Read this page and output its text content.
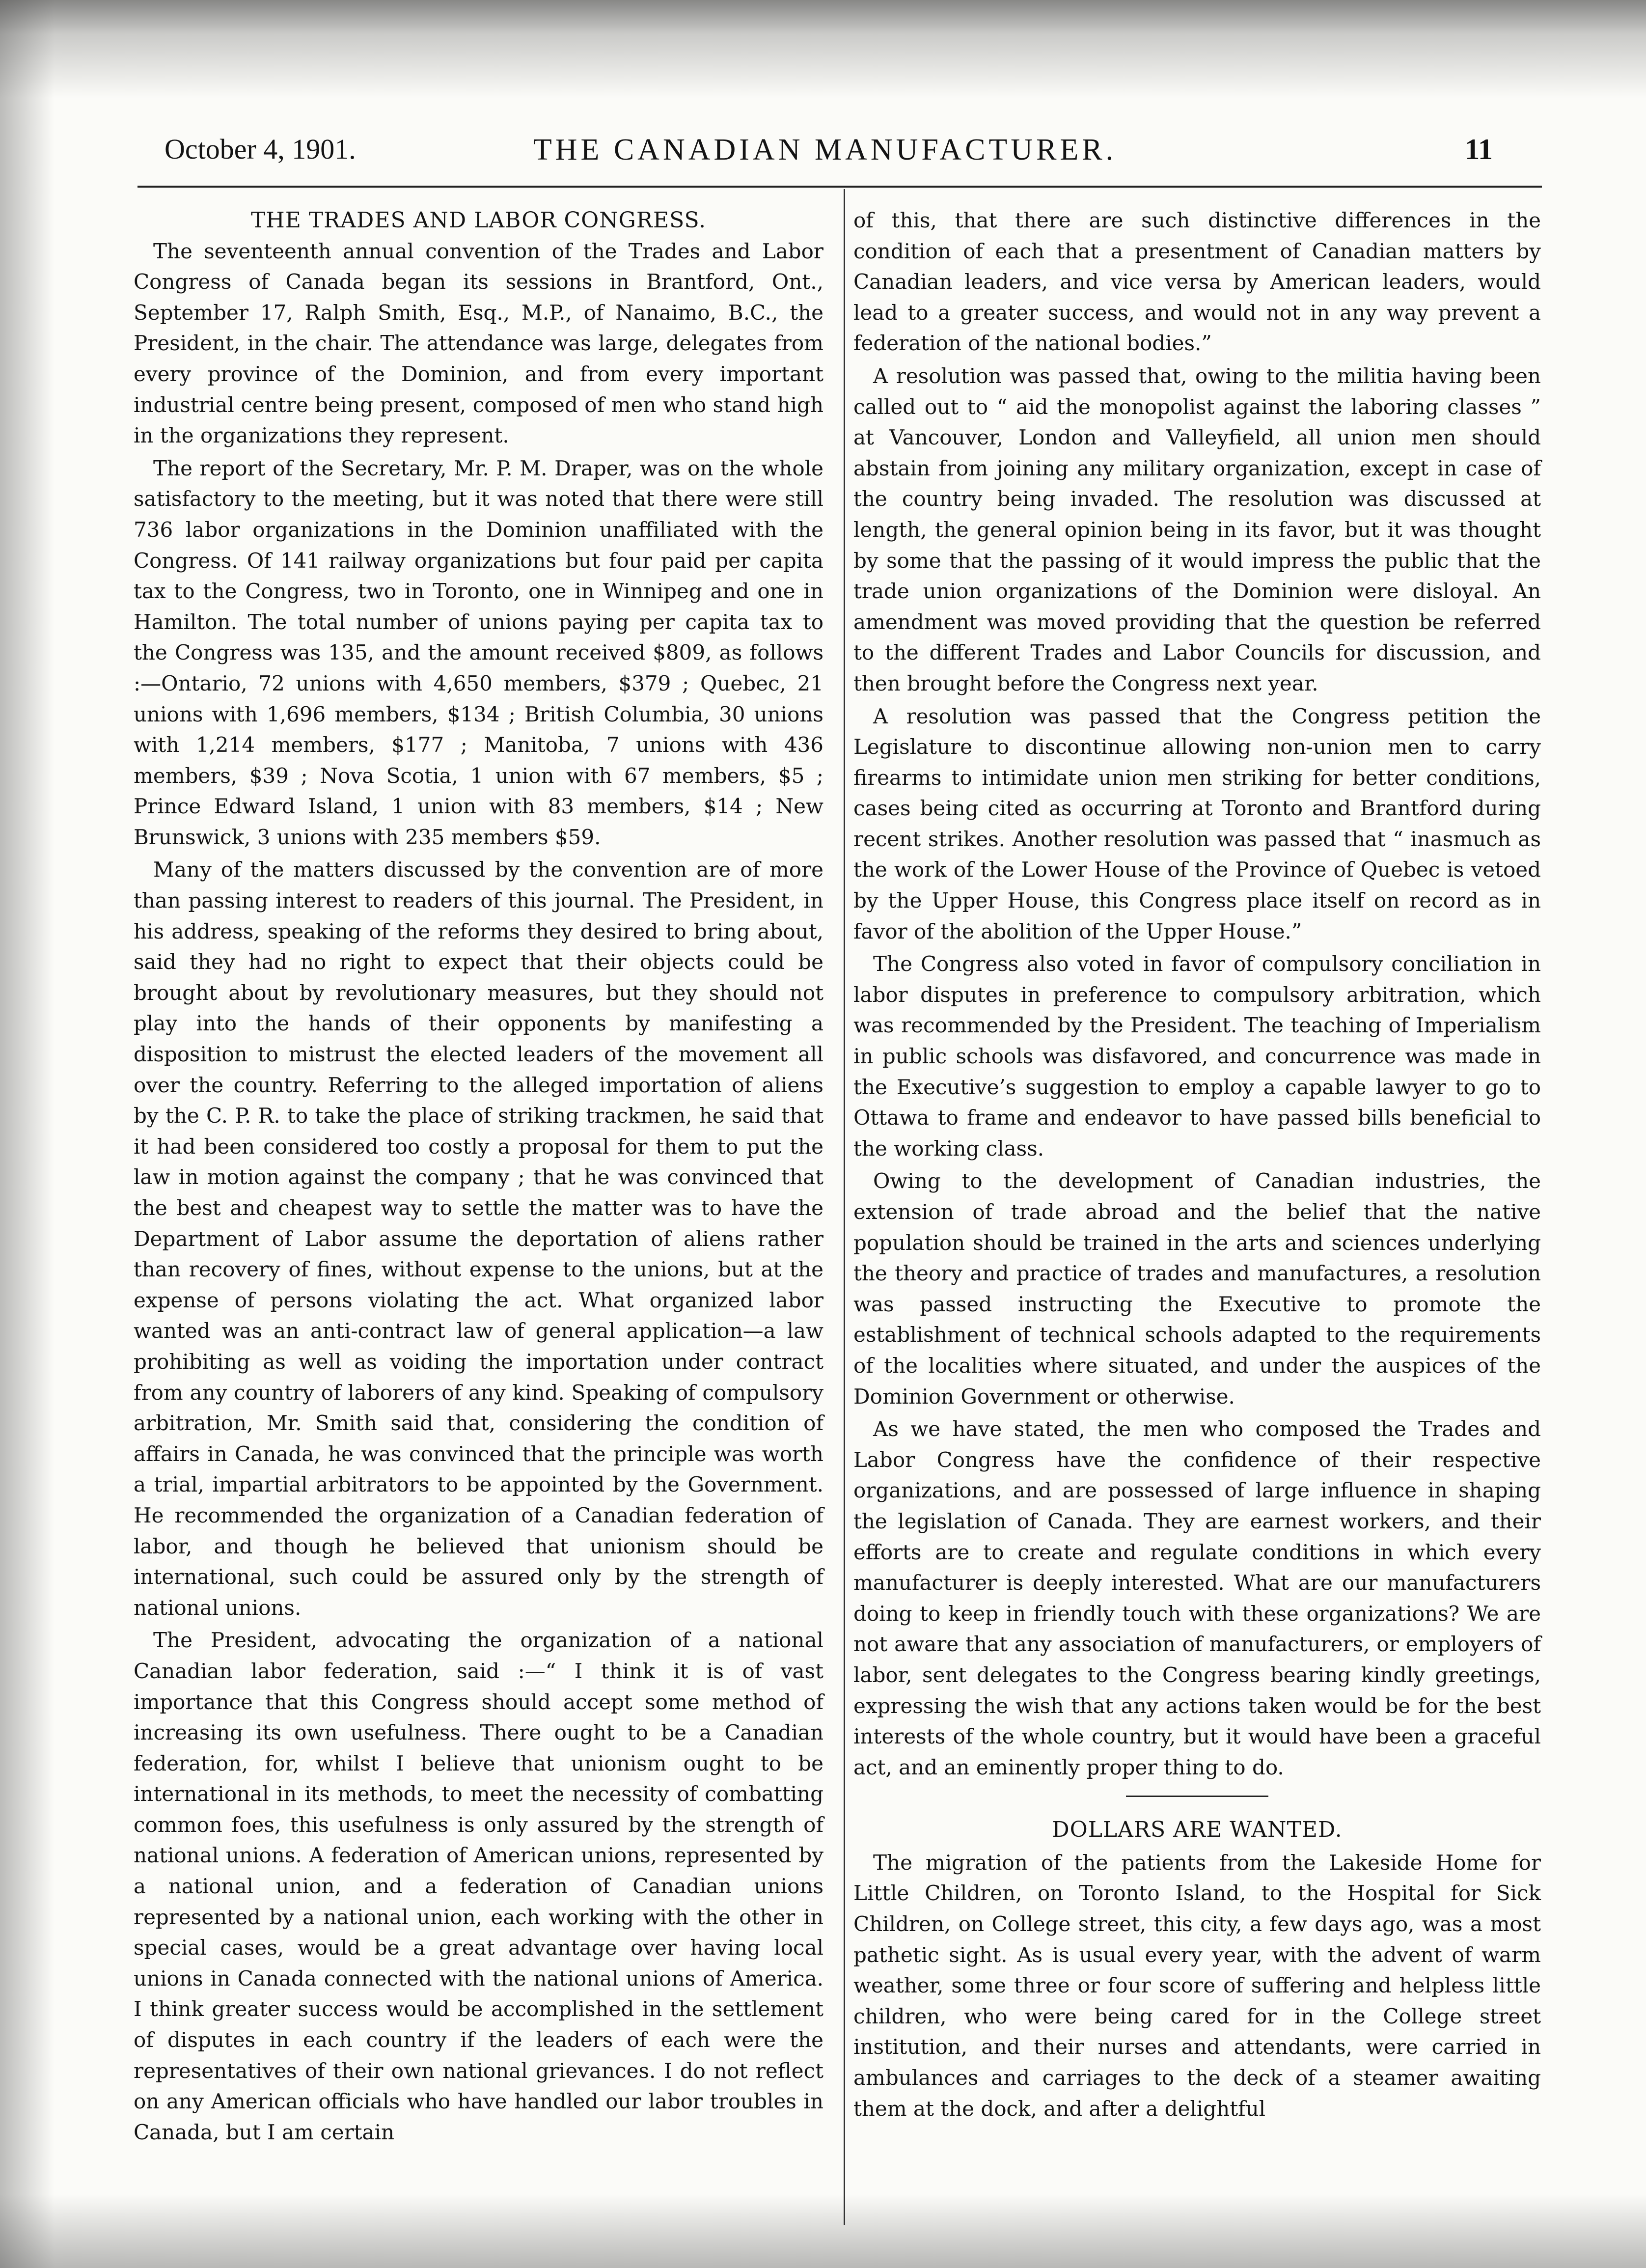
October 4, 1901.	THE CANADIAN MANUFACTURER.	11
THE TRADES AND LABOR CONGRESS.

The seventeenth annual convention of the Trades and Labor Congress of Canada began its sessions in Brantford, Ont., September 17, Ralph Smith, Esq., M.P., of Nanaimo, B.C., the President, in the chair. The attendance was large, delegates from every province of the Dominion, and from every important industrial centre being present, composed of men who stand high in the organizations they represent.

The report of the Secretary, Mr. P. M. Draper, was on the whole satisfactory to the meeting, but it was noted that there were still 736 labor organizations in the Dominion unaffiliated with the Congress. Of 141 railway organizations but four paid per capita tax to the Congress, two in Toronto, one in Winnipeg and one in Hamilton. The total number of unions paying per capita tax to the Congress was 135, and the amount received $809, as follows :—Ontario, 72 unions with 4,650 members, $379 ; Quebec, 21 unions with 1,696 members, $134 ; British Columbia, 30 unions with 1,214 members, $177 ; Manitoba, 7 unions with 436 members, $39 ; Nova Scotia, 1 union with 67 members, $5 ; Prince Edward Island, 1 union with 83 members, $14 ; New Brunswick, 3 unions with 235 members $59.

Many of the matters discussed by the convention are of more than passing interest to readers of this journal. The President, in his address, speaking of the reforms they desired to bring about, said they had no right to expect that their objects could be brought about by revolutionary measures, but they should not play into the hands of their opponents by manifesting a disposition to mistrust the elected leaders of the movement all over the country. Referring to the alleged importation of aliens by the C. P. R. to take the place of striking trackmen, he said that it had been considered too costly a proposal for them to put the law in motion against the company ; that he was convinced that the best and cheapest way to settle the matter was to have the Department of Labor assume the deportation of aliens rather than recovery of fines, without expense to the unions, but at the expense of persons violating the act. What organized labor wanted was an anti-contract law of general application—a law prohibiting as well as voiding the importation under contract from any country of laborers of any kind. Speaking of compulsory arbitration, Mr. Smith said that, considering the condition of affairs in Canada, he was convinced that the principle was worth a trial, impartial arbitrators to be appointed by the Government. He recommended the organization of a Canadian federation of labor, and though he believed that unionism should be international, such could be assured only by the strength of national unions.

The President, advocating the organization of a national Canadian labor federation, said :—“ I think it is of vast importance that this Congress should accept some method of increasing its own usefulness. There ought to be a Canadian federation, for, whilst I believe that unionism ought to be international in its methods, to meet the necessity of combatting common foes, this usefulness is only assured by the strength of national unions. A federation of American unions, represented by a national union, and a federation of Canadian unions represented by a national union, each working with the other in special cases, would be a great advantage over having local unions in Canada connected with the national unions of America. I think greater success would be accomplished in the settlement of disputes in each country if the leaders of each were the representatives of their own national grievances. I do not reflect on any American officials who have handled our labor troubles in Canada, but I am certain

of this, that there are such distinctive differences in the condition of each that a presentment of Canadian matters by Canadian leaders, and vice versa by American leaders, would lead to a greater success, and would not in any way prevent a federation of the national bodies.”

A resolution was passed that, owing to the militia having been called out to “ aid the monopolist against the laboring classes ” at Vancouver, London and Valleyfield, all union men should abstain from joining any military organization, except in case of the country being invaded. The resolution was discussed at length, the general opinion being in its favor, but it was thought by some that the passing of it would impress the public that the trade union organizations of the Dominion were disloyal. An amendment was moved providing that the question be referred to the different Trades and Labor Councils for discussion, and then brought before the Congress next year.

A resolution was passed that the Congress petition the Legislature to discontinue allowing non-union men to carry firearms to intimidate union men striking for better conditions, cases being cited as occurring at Toronto and Brantford during recent strikes. Another resolution was passed that “ inasmuch as the work of the Lower House of the Province of Quebec is vetoed by the Upper House, this Congress place itself on record as in favor of the abolition of the Upper House.”

The Congress also voted in favor of compulsory conciliation in labor disputes in preference to compulsory arbitration, which was recommended by the President. The teaching of Imperialism in public schools was disfavored, and concurrence was made in the Executive’s suggestion to employ a capable lawyer to go to Ottawa to frame and endeavor to have passed bills beneficial to the working class.

Owing to the development of Canadian industries, the extension of trade abroad and the belief that the native population should be trained in the arts and sciences underlying the theory and practice of trades and manufactures, a resolution was passed instructing the Executive to promote the establishment of technical schools adapted to the requirements of the localities where situated, and under the auspices of the Dominion Government or otherwise.

As we have stated, the men who composed the Trades and Labor Congress have the confidence of their respective organizations, and are possessed of large influence in shaping the legislation of Canada. They are earnest workers, and their efforts are to create and regulate conditions in which every manufacturer is deeply interested. What are our manufacturers doing to keep in friendly touch with these organizations? We are not aware that any association of manufacturers, or employers of labor, sent delegates to the Congress bearing kindly greetings, expressing the wish that any actions taken would be for the best interests of the whole country, but it would have been a graceful act, and an eminently proper thing to do.

DOLLARS ARE WANTED.

The migration of the patients from the Lakeside Home for Little Children, on Toronto Island, to the Hospital for Sick Children, on College street, this city, a few days ago, was a most pathetic sight. As is usual every year, with the advent of warm weather, some three or four score of suffering and helpless little children, who were being cared for in the College street institution, and their nurses and attendants, were carried in ambulances and carriages to the deck of a steamer awaiting them at the dock, and after a delightful
